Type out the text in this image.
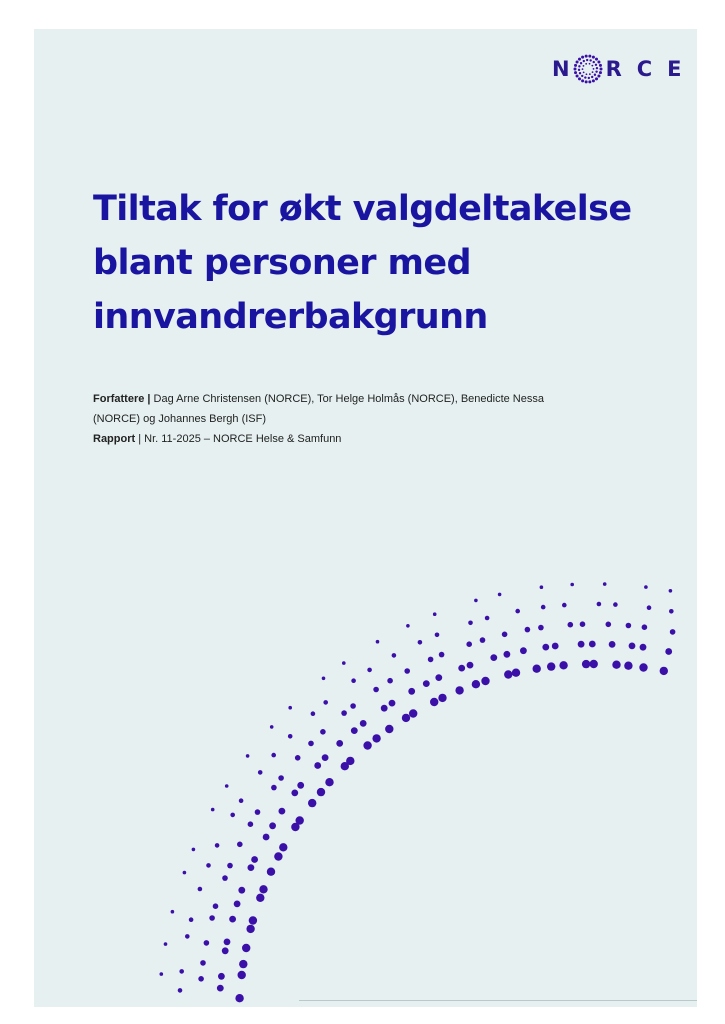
N R C E
Tiltak for økt valgdeltakelse
blant personer med
innvandrerbakgrunn
Forfattere | Dag Arne Christensen (NORCE), Tor Helge Holmås (NORCE), Benedicte Nessa
(NORCE) og Johannes Bergh (ISF)
Rapport | Nr. 11-2025 – NORCE Helse & Samfunn
